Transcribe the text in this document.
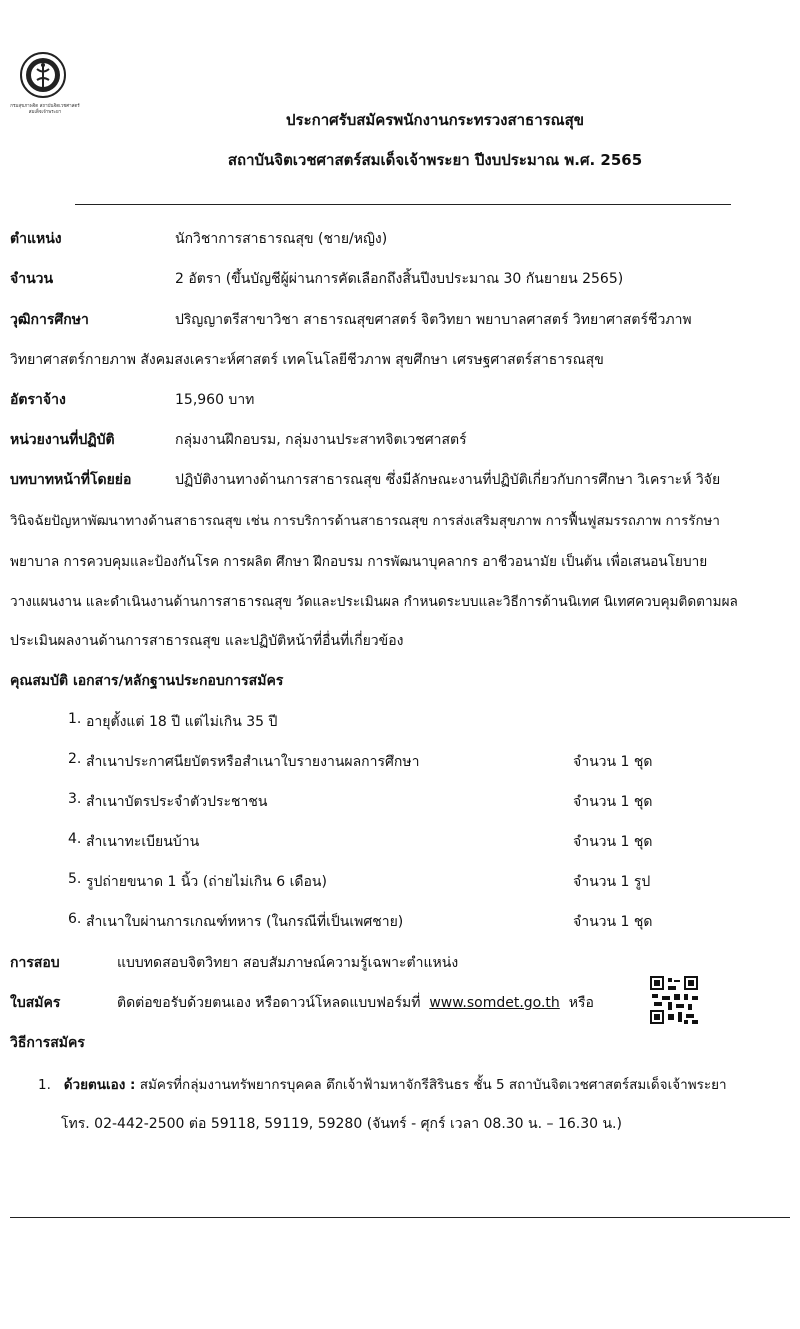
กรมสุขภาพจิต สถาบันจิตเวชศาสตร์สมเด็จเจ้าพระยา	ประกาศรับสมัครพนักงานกระทรวงสาธารณสุข
สถาบันจิตเวชศาสตร์สมเด็จเจ้าพระยา ปีงบประมาณ พ.ศ. 2565
ตำแหน่ง	นักวิชาการสาธารณสุข (ชาย/หญิง)
จำนวน	2 อัตรา (ขึ้นบัญชีผู้ผ่านการคัดเลือกถึงสิ้นปีงบประมาณ 30 กันยายน 2565)
วุฒิการศึกษา	ปริญญาตรีสาขาวิชา สาธารณสุขศาสตร์ จิตวิทยา พยาบาลศาสตร์ วิทยาศาสตร์ชีวภาพ
วิทยาศาสตร์กายภาพ สังคมสงเคราะห์ศาสตร์ เทคโนโลยีชีวภาพ สุขศึกษา เศรษฐศาสตร์สาธารณสุข
อัตราจ้าง	15,960 บาท
หน่วยงานที่ปฏิบัติ	กลุ่มงานฝึกอบรม, กลุ่มงานประสาทจิตเวชศาสตร์
บทบาทหน้าที่โดยย่อ	ปฏิบัติงานทางด้านการสาธารณสุข ซึ่งมีลักษณะงานที่ปฏิบัติเกี่ยวกับการศึกษา วิเคราะห์ วิจัย
วินิจฉัยปัญหาพัฒนาทางด้านสาธารณสุข เช่น การบริการด้านสาธารณสุข การส่งเสริมสุขภาพ การฟื้นฟูสมรรถภาพ การรักษา
พยาบาล การควบคุมและป้องกันโรค การผลิต ศึกษา ฝึกอบรม การพัฒนาบุคลากร อาชีวอนามัย เป็นต้น เพื่อเสนอนโยบาย
วางแผนงาน และดำเนินงานด้านการสาธารณสุข วัดและประเมินผล กำหนดระบบและวิธีการด้านนิเทศ นิเทศควบคุมติดตามผล
ประเมินผลงานด้านการสาธารณสุข และปฏิบัติหน้าที่อื่นที่เกี่ยวข้อง
คุณสมบัติ เอกสาร/หลักฐานประกอบการสมัคร
1. อายุตั้งแต่ 18 ปี แต่ไม่เกิน 35 ปี
2. สำเนาประกาศนียบัตรหรือสำเนาใบรายงานผลการศึกษา	จำนวน 1 ชุด
3. สำเนาบัตรประจำตัวประชาชน	จำนวน 1 ชุด
4. สำเนาทะเบียนบ้าน	จำนวน 1 ชุด
5. รูปถ่ายขนาด 1 นิ้ว (ถ่ายไม่เกิน 6 เดือน)	จำนวน 1 รูป
6. สำเนาใบผ่านการเกณฑ์ทหาร (ในกรณีที่เป็นเพศชาย)	จำนวน 1 ชุด
การสอบ	แบบทดสอบจิตวิทยา สอบสัมภาษณ์ความรู้เฉพาะตำแหน่ง
ใบสมัคร	ติดต่อขอรับด้วยตนเอง หรือดาวน์โหลดแบบฟอร์มที่ www.somdet.go.th หรือ
วิธีการสมัคร
1. ด้วยตนเอง : สมัครที่กลุ่มงานทรัพยากรบุคคล ตึกเจ้าฟ้ามหาจักรีสิรินธร ชั้น 5 สถาบันจิตเวชศาสตร์สมเด็จเจ้าพระยา
โทร. 02-442-2500 ต่อ 59118, 59119, 59280 (จันทร์ - ศุกร์ เวลา 08.30 น. – 16.30 น.)
